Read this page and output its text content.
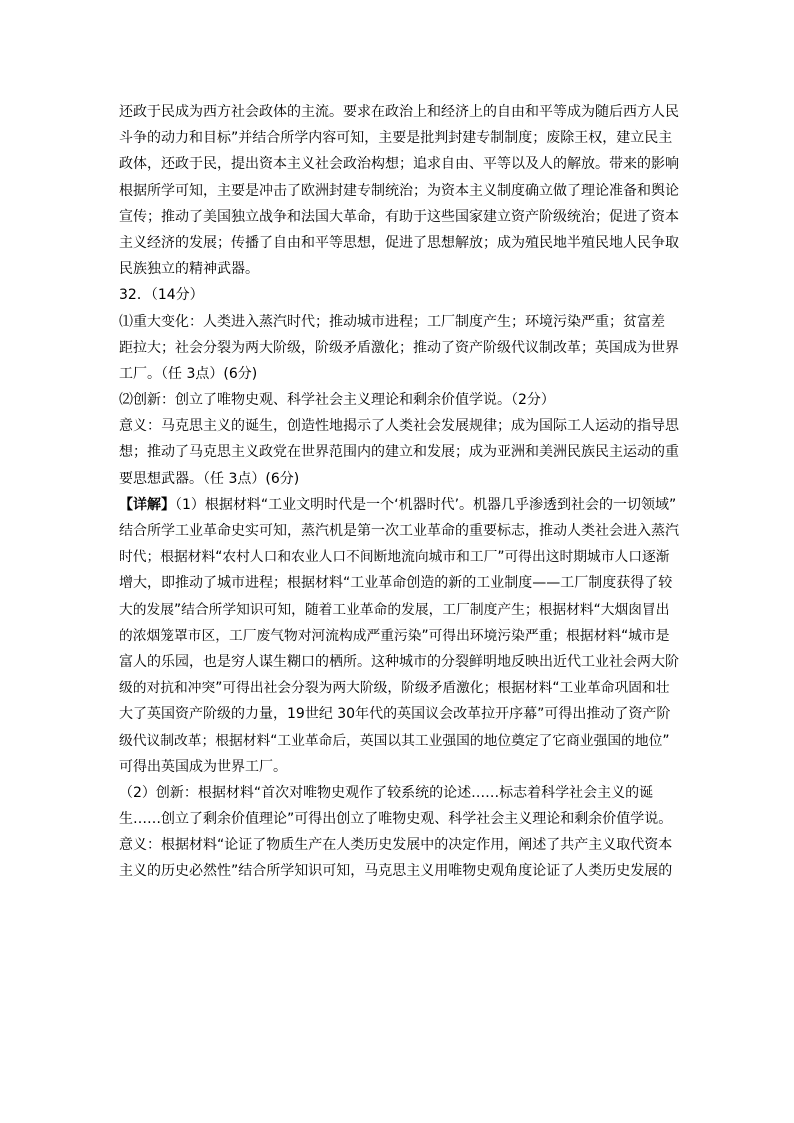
还政于民成为西方社会政体的主流。要求在政治上和经济上的自由和平等成为随后西方人民
斗争的动力和目标”并结合所学内容可知，主要是批判封建专制制度；废除王权，建立民主
政体，还政于民，提出资本主义社会政治构想；追求自由、平等以及人的解放。带来的影响
根据所学可知，主要是冲击了欧洲封建专制统治；为资本主义制度确立做了理论准备和舆论
宣传；推动了美国独立战争和法国大革命，有助于这些国家建立资产阶级统治；促进了资本
主义经济的发展；传播了自由和平等思想，促进了思想解放；成为殖民地半殖民地人民争取
民族独立的精神武器。
32．（14分）
⑴重大变化：人类进入蒸汽时代；推动城市进程；工厂制度产生；环境污染严重；贫富差
距拉大；社会分裂为两大阶级，阶级矛盾激化；推动了资产阶级代议制改革；英国成为世界
工厂。（任 3点）(6分)
⑵创新：创立了唯物史观、科学社会主义理论和剩余价值学说。（2分）
意义：马克思主义的诞生，创造性地揭示了人类社会发展规律；成为国际工人运动的指导思
想；推动了马克思主义政党在世界范围内的建立和发展；成为亚洲和美洲民族民主运动的重
要思想武器。（任 3点）(6分)
【详解】（1）根据材料“工业文明时代是一个‘机器时代’。机器几乎渗透到社会的一切领域”
结合所学工业革命史实可知，蒸汽机是第一次工业革命的重要标志，推动人类社会进入蒸汽
时代；根据材料“农村人口和农业人口不间断地流向城市和工厂”可得出这时期城市人口逐渐
增大，即推动了城市进程；根据材料“工业革命创造的新的工业制度——工厂制度获得了较
大的发展”结合所学知识可知，随着工业革命的发展，工厂制度产生；根据材料“大烟囱冒出
的浓烟笼罩市区，工厂废气物对河流构成严重污染”可得出环境污染严重；根据材料“城市是
富人的乐园，也是穷人谋生糊口的栖所。这种城市的分裂鲜明地反映出近代工业社会两大阶
级的对抗和冲突”可得出社会分裂为两大阶级，阶级矛盾激化；根据材料“工业革命巩固和壮
大了英国资产阶级的力量，19世纪 30年代的英国议会改革拉开序幕”可得出推动了资产阶
级代议制改革；根据材料“工业革命后，英国以其工业强国的地位奠定了它商业强国的地位”
可得出英国成为世界工厂。
（2）创新：根据材料“首次对唯物史观作了较系统的论述……标志着科学社会主义的诞
生……创立了剩余价值理论”可得出创立了唯物史观、科学社会主义理论和剩余价值学说。
意义：根据材料“论证了物质生产在人类历史发展中的决定作用，阐述了共产主义取代资本
主义的历史必然性”结合所学知识可知，马克思主义用唯物史观角度论证了人类历史发展的
